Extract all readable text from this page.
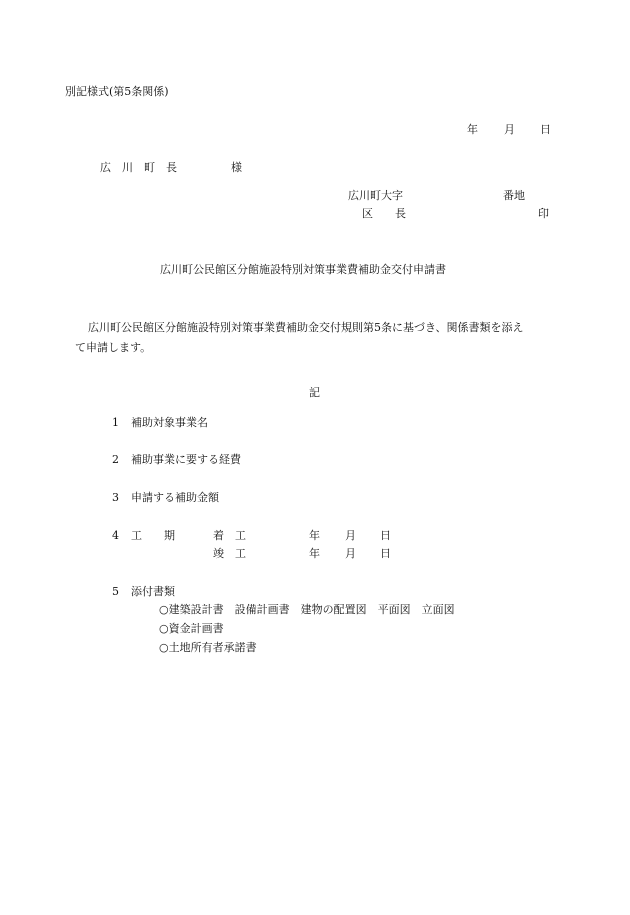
別記様式(第5条関係)
年 月 日
広　川　町　長	様
広川町大字	番地
区　　長	印
広川町公民館区分館施設特別対策事業費補助金交付申請書
広川町公民館区分館施設特別対策事業費補助金交付規則第5条に基づき、関係書類を添え
て申請します。
記
1 補助対象事業名
2 補助事業に要する経費
3 申請する補助金額
4 工　　期	着　工	年 月 日
竣　工	年 月 日
5 添付書類
○建築設計書　設備計画書　建物の配置図　平面図　立面図
○資金計画書
○土地所有者承諾書
